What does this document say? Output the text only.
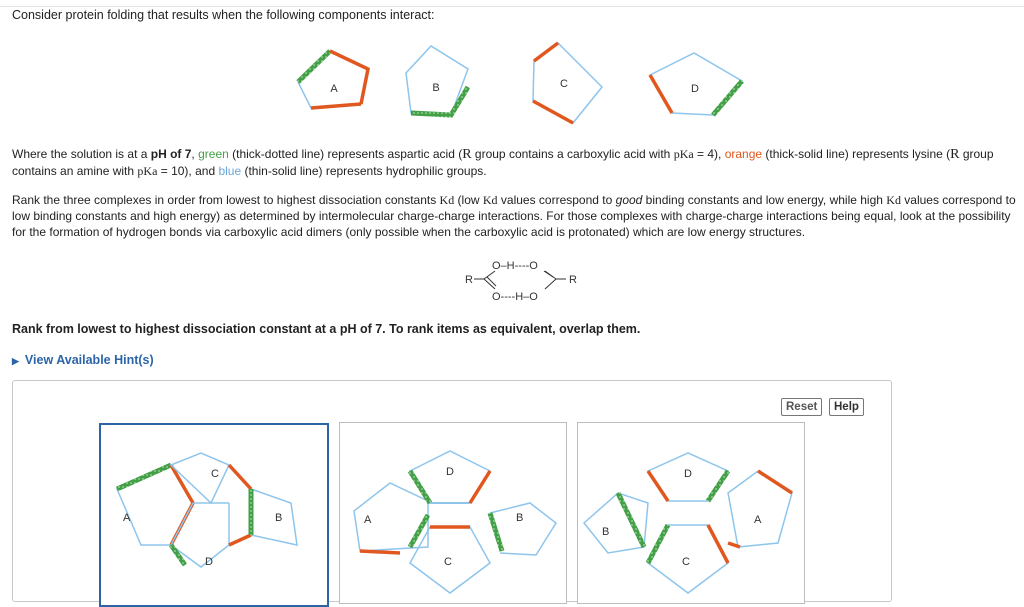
Consider protein folding that results when the following components interact:
A	B	C	D

Where the solution is at a pH of 7, green (thick-dotted line) represents aspartic acid (R group contains a carboxylic acid with pKa = 4), orange (thick-solid line) represents lysine (R group contains an amine with pKa = 10), and blue (thin-solid line) represents hydrophilic groups.

Rank the three complexes in order from lowest to highest dissociation constants Kd (low Kd values correspond to good binding constants and low energy, while high Kd values correspond to low binding constants and high energy) as determined by intermolecular charge-charge interactions. For those complexes with charge-charge interactions being equal, look at the possibility for the formation of hydrogen bonds via carboxylic acid dimers (only possible when the carboxylic acid is protonated) which are low energy structures.

O–H----O
O----H–O
R	R
Rank from lowest to highest dissociation constant at a pH of 7. To rank items as equivalent, overlap them.
▶ View Available Hint(s)
Reset	Help
A
C
D
B	A
D
C
B
B
D
C
A
